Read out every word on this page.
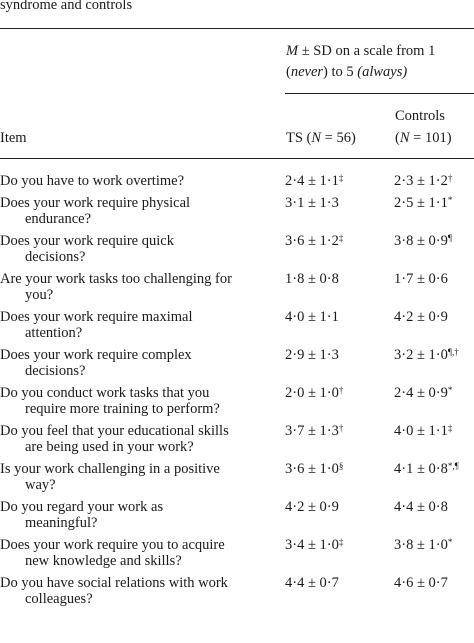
syndrome and controls
M ± SD on a scale from 1
(never) to 5 (always)
Controls
Item	TS (N = 56)	(N = 101)
Do you have to work overtime?	2·4 ± 1·1‡	2·3 ± 1·2†
Does your work require physical
endurance?	3·1 ± 1·3	2·5 ± 1·1*
Does your work require quick
decisions?	3·6 ± 1·2‡	3·8 ± 0·9¶
Are your work tasks too challenging for
you?	1·8 ± 0·8	1·7 ± 0·6
Does your work require maximal
attention?	4·0 ± 1·1	4·2 ± 0·9
Does your work require complex
decisions?	2·9 ± 1·3	3·2 ± 1·0¶,†
Do you conduct work tasks that you
require more training to perform?	2·0 ± 1·0†	2·4 ± 0·9*
Do you feel that your educational skills
are being used in your work?	3·7 ± 1·3†	4·0 ± 1·1‡
Is your work challenging in a positive
way?	3·6 ± 1·0§	4·1 ± 0·8*,¶
Do you regard your work as
meaningful?	4·2 ± 0·9	4·4 ± 0·8
Does your work require you to acquire
new knowledge and skills?	3·4 ± 1·0‡	3·8 ± 1·0*
Do you have social relations with work
colleagues?	4·4 ± 0·7	4·6 ± 0·7
